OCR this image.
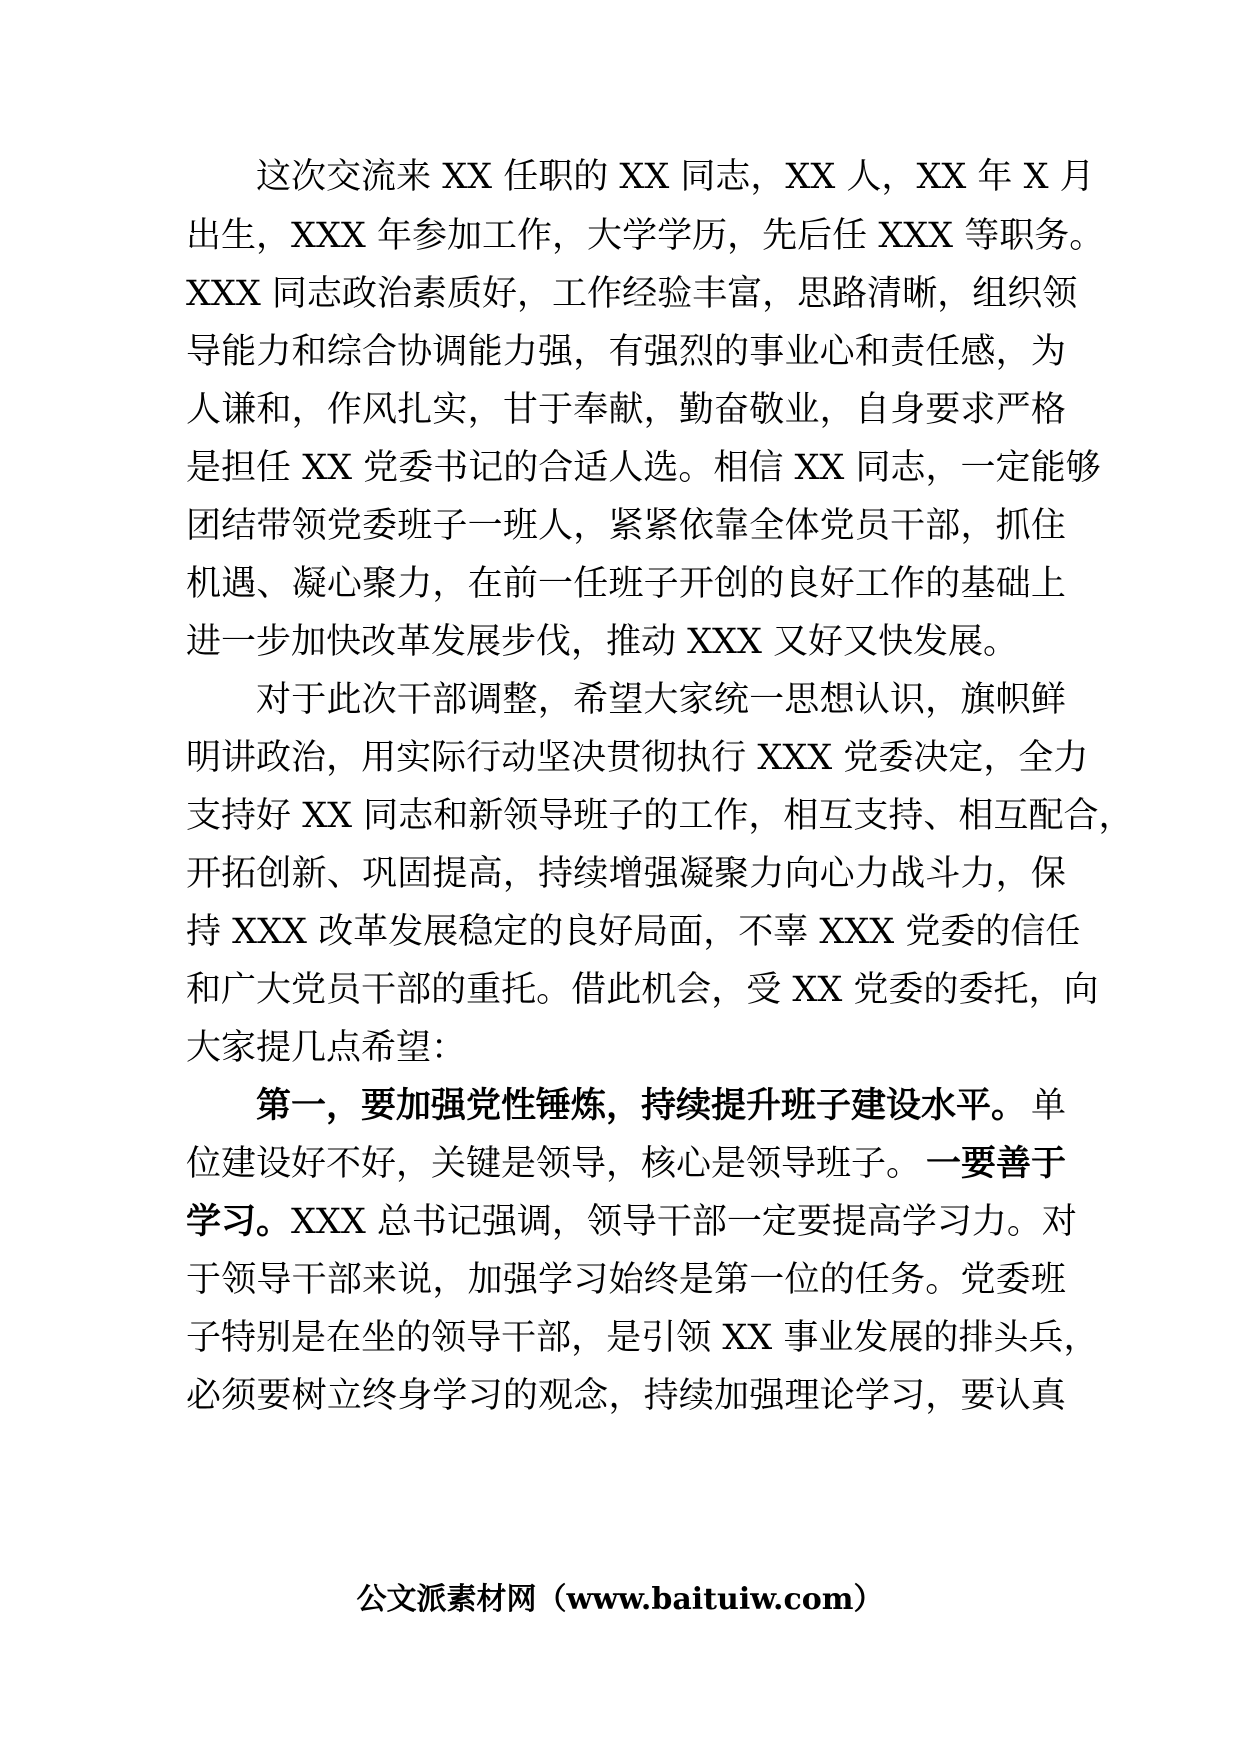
这 次 交 流 来
X X
任 职 的
X X
同 志 ， X X
人 ， X X
年
X
月
出 生 ， X X X
年 参 加 工 作 ， 大 学 学 历 ， 先 后 任
X X X
等 职 务 。
X X X
同 志 政 治 素 质 好 ， 工 作 经 验 丰 富 ， 思 路 清 晰 ， 组 织 领
导 能 力 和 综 合 协 调 能 力 强 ， 有 强 烈 的 事 业 心 和 责 任 感 ， 为
人 谦 和 ， 作 风 扎 实 ， 甘 于 奉 献 ， 勤 奋 敬 业 ， 自 身 要 求 严 格
是 担 任
X X
党 委 书 记 的 合 适 人 选 。 相 信
X X
同 志 ， 一 定 能 够
团 结 带 领 党 委 班 子 一 班 人 ， 紧 紧 依 靠 全 体 党 员 干 部 ， 抓 住
机 遇 、 凝 心 聚 力 ， 在 前 一 任 班 子 开 创 的 良 好 工 作 的 基 础 上
进一步加快改革发展步伐，推动 XXX 又好又快发展。
对 于 此 次 干 部 调 整 ， 希 望 大 家 统 一 思 想 认 识 ， 旗 帜 鲜
明 讲 政 治 ， 用 实 际 行 动 坚 决 贯 彻 执 行
X X X
党 委 决 定 ， 全 力
支 持 好
X X
同 志 和 新 领 导 班 子 的 工 作 ， 相 互 支 持 、 相 互 配 合 ，
开 拓 创 新 、 巩 固 提 高 ， 持 续 增 强 凝 聚 力 向 心 力 战 斗 力 ， 保
持
X X X
改 革 发 展 稳 定 的 良 好 局 面 ， 不 辜
X X X
党 委 的 信 任
和 广 大 党 员 干 部 的 重 托 。 借 此 机 会 ， 受
X X
党 委 的 委 托 ， 向
大家提几点希望：
第一，要加强党性锤炼，持续提升班子建设水平。 单
位建设好不好，关键是领导，核心是领导班子。 一要善于
学习。XXX 总书记强调，领导干部一定要提高学习力。对
于 领 导 干 部 来 说 ， 加 强 学 习 始 终 是 第 一 位 的 任 务 。 党 委 班
子 特 别 是 在 坐 的 领 导 干 部 ， 是 引 领
X X
事 业 发 展 的 排 头 兵 ，
必 须 要 树 立 终 身 学 习 的 观 念 ， 持 续 加 强 理 论 学 习 ， 要 认 真
公文派素材网（www.baituiw.com）
